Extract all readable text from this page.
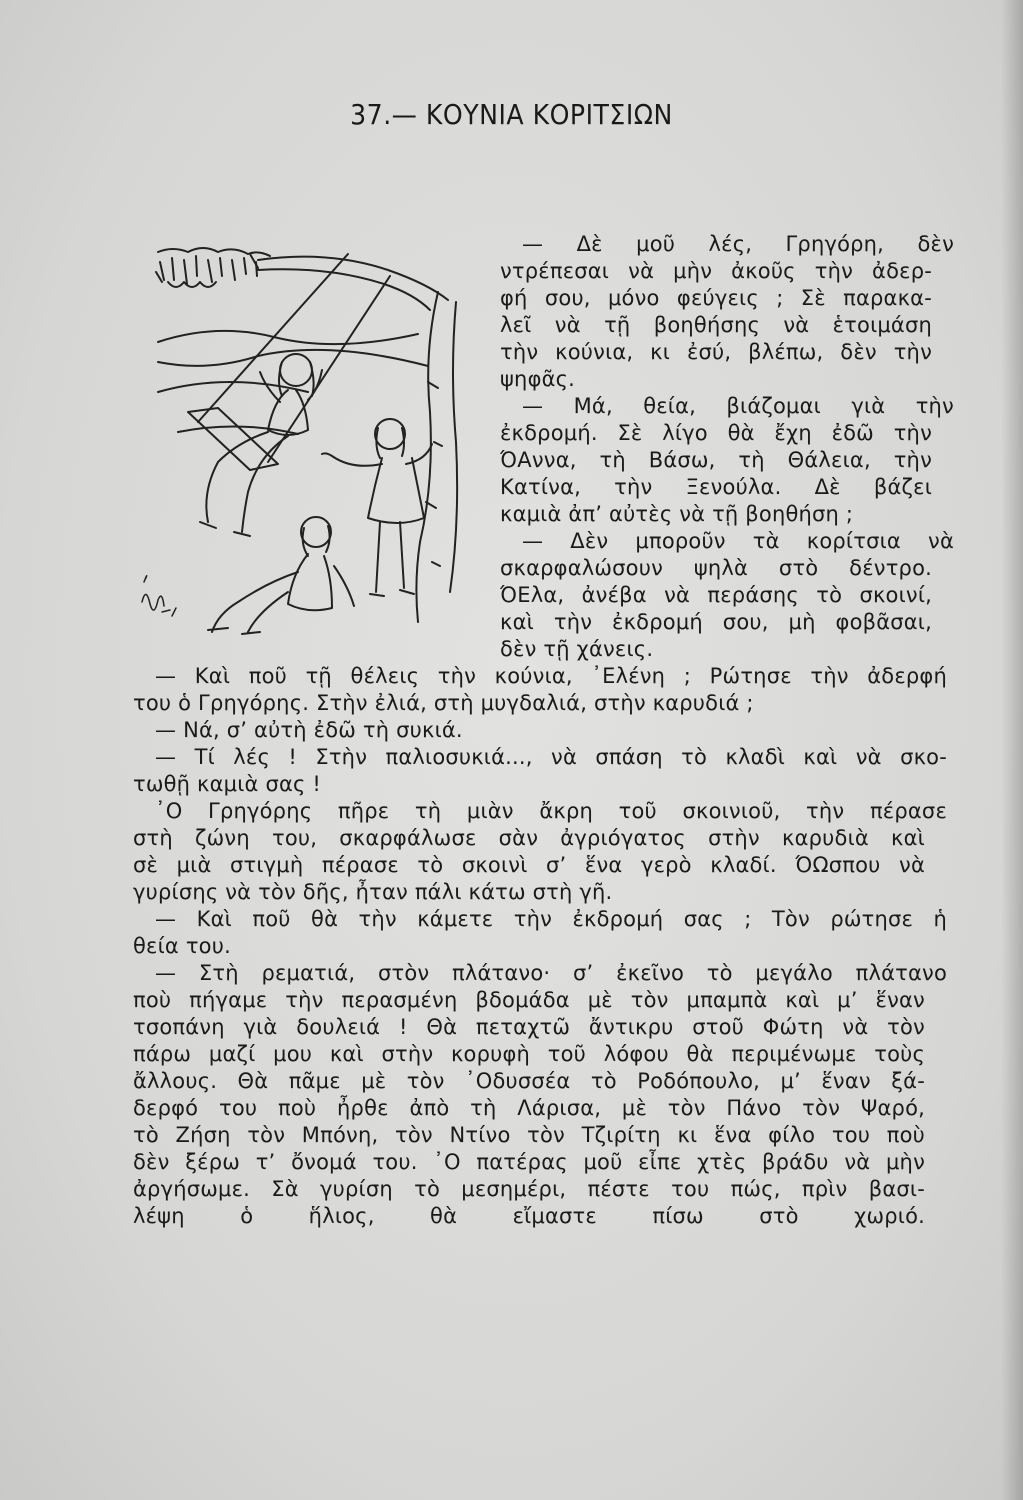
37.— ΚΟΥΝΙΑ ΚΟΡΙΤΣΙΩΝ
— Δὲ μοῦ λές, Γρηγόρη, δὲν
ντρέπεσαι νὰ μὴν ἀκοῦς τὴν ἀδερ-
φή σου, μόνο φεύγεις ; Σὲ παρακα-
λεῖ νὰ τῇ βοηθήσης νὰ ἑτοιμάση
τὴν κούνια, κι ἐσύ, βλέπω, δὲν τὴν
ψηφᾶς.
— Μά, θεία, βιάζομαι γιὰ τὴν
ἐκδρομή. Σὲ λίγο θὰ ἔχη ἐδῶ τὴν
ΌΑννα, τὴ Βάσω, τὴ Θάλεια, τὴν
Κατίνα, τὴν Ξενούλα. Δὲ βάζει
καμιὰ ἀπ’ αὐτὲς νὰ τῇ βοηθήση ;
— Δὲν μποροῦν τὰ κορίτσια νὰ
σκαρφαλώσουν ψηλὰ στὸ δέντρο.
ΌΕλα, ἀνέβα νὰ περάσης τὸ σκοινί,
καὶ τὴν ἐκδρομή σου, μὴ φοβᾶσαι,
δὲν τῇ χάνεις.
— Καὶ ποῦ τῇ θέλεις τὴν κούνια, ᾿Ελένη ; Ρώτησε τὴν ἀδερφή
του ὁ Γρηγόρης. Στὴν ἐλιά, στὴ μυγδαλιά, στὴν καρυδιά ;
— Νά, σ’ αὐτὴ ἐδῶ τὴ συκιά.
— Τί λές ! Στὴν παλιοσυκιά..., νὰ σπάση τὸ κλαδὶ καὶ νὰ σκο-
τωθῇ καμιὰ σας !
᾿Ο Γρηγόρης πῆρε τὴ μιὰν ἄκρη τοῦ σκοινιοῦ, τὴν πέρασε
στὴ ζώνη του, σκαρφάλωσε σὰν ἀγριόγατος στὴν καρυδιὰ καὶ
σὲ μιὰ στιγμὴ πέρασε τὸ σκοινὶ σ’ ἕνα γερὸ κλαδί. ΌΩσπου νὰ
γυρίσης νὰ τὸν δῆς, ἦταν πάλι κάτω στὴ γῆ.
— Καὶ ποῦ θὰ τὴν κάμετε τὴν ἐκδρομή σας ; Τὸν ρώτησε ἡ
θεία του.
— Στὴ ρεματιά, στὸν πλάτανο· σ’ ἐκεῖνο τὸ μεγάλο πλάτανο
ποὺ πήγαμε τὴν περασμένη βδομάδα μὲ τὸν μπαμπὰ καὶ μ’ ἕναν
τσοπάνη γιὰ δουλειά ! Θὰ πεταχτῶ ἄντικρυ στοῦ Φώτη νὰ τὸν
πάρω μαζί μου καὶ στὴν κορυφὴ τοῦ λόφου θὰ περιμένωμε τοὺς
ἄλλους. Θὰ πᾶμε μὲ τὸν ᾿Οδυσσέα τὸ Ροδόπουλο, μ’ ἕναν ξά-
δερφό του ποὺ ἦρθε ἀπὸ τὴ Λάρισα, μὲ τὸν Πάνο τὸν Ψαρό,
τὸ Ζήση τὸν Μπόνη, τὸν Ντίνο τὸν Τζιρίτη κι ἕνα φίλο του ποὺ
δὲν ξέρω τ’ ὄνομά του. ᾿Ο πατέρας μοῦ εἶπε χτὲς βράδυ νὰ μὴν
ἀργήσωμε. Σὰ γυρίση τὸ μεσημέρι, πέστε του πώς, πρὶν βασι-
λέψη ὁ ἥλιος, θὰ εἴμαστε πίσω στὸ χωριό.
